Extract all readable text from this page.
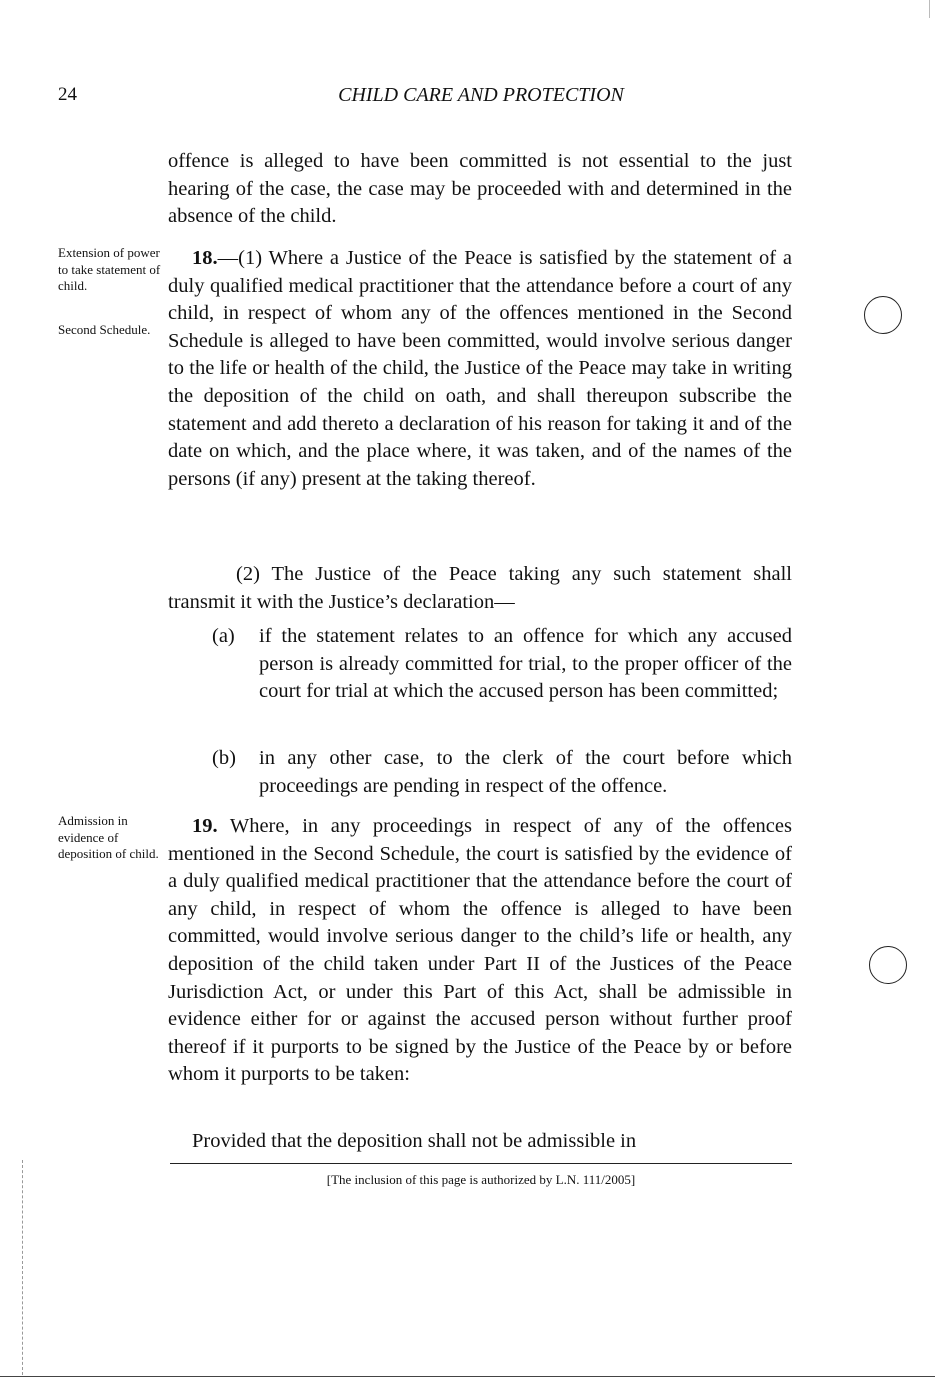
24	CHILD CARE AND PROTECTION

offence is alleged to have been committed is not essential to the just hearing of the case, the case may be proceeded with and determined in the absence of the child.

Extension of power to take statement of child.
Second Schedule.

18.—(1) Where a Justice of the Peace is satisfied by the statement of a duly qualified medical practitioner that the attendance before a court of any child, in respect of whom any of the offences mentioned in the Second Schedule is alleged to have been committed, would involve serious danger to the life or health of the child, the Justice of the Peace may take in writing the deposition of the child on oath, and shall thereupon subscribe the statement and add thereto a declaration of his reason for taking it and of the date on which, and the place where, it was taken, and of the names of the persons (if any) present at the taking thereof.

(2) The Justice of the Peace taking any such statement shall transmit it with the Justice’s declaration—

(a) if the statement relates to an offence for which any accused person is already committed for trial, to the proper officer of the court for trial at which the accused person has been committed;
(b) in any other case, to the clerk of the court before which proceedings are pending in respect of the offence.
Admission in evidence of deposition of child.

19. Where, in any proceedings in respect of any of the offences mentioned in the Second Schedule, the court is satisfied by the evidence of a duly qualified medical practitioner that the attendance before the court of any child, in respect of whom the offence is alleged to have been committed, would involve serious danger to the child’s life or health, any deposition of the child taken under Part II of the Justices of the Peace Jurisdiction Act, or under this Part of this Act, shall be admissible in evidence either for or against the accused person without further proof thereof if it purports to be signed by the Justice of the Peace by or before whom it purports to be taken:

Provided that the deposition shall not be admissible in

[The inclusion of this page is authorized by L.N. 111/2005]
